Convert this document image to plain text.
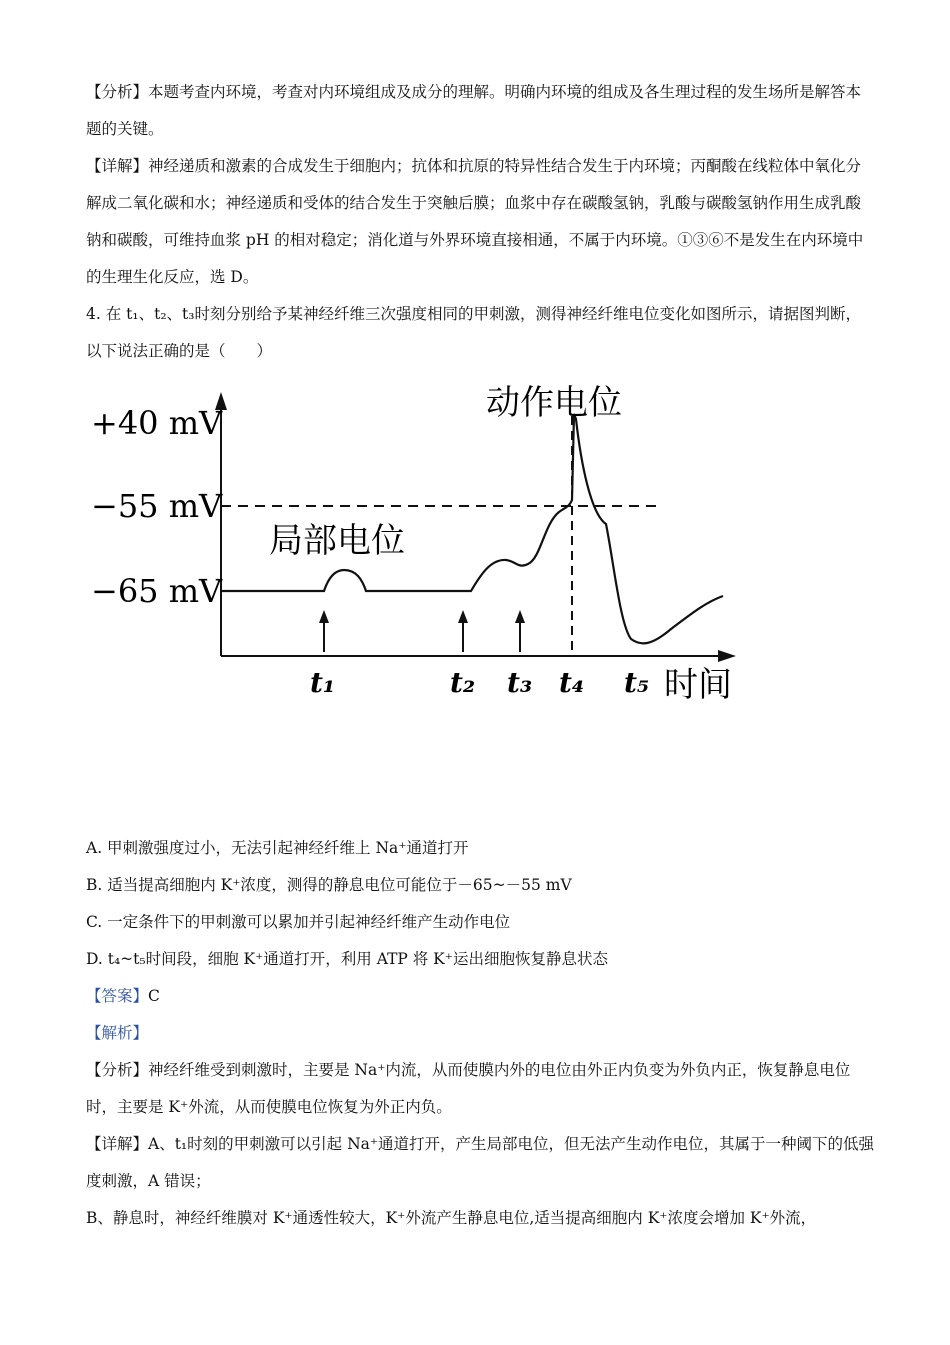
【分析】本题考查内环境，考查对内环境组成及成分的理解。明确内环境的组成及各生理过程的发生场所是解答本题的关键。

【详解】神经递质和激素的合成发生于细胞内；抗体和抗原的特异性结合发生于内环境；丙酮酸在线粒体中氧化分解成二氧化碳和水；神经递质和受体的结合发生于突触后膜；血浆中存在碳酸氢钠，乳酸与碳酸氢钠作用生成乳酸钠和碳酸，可维持血浆 pH 的相对稳定；消化道与外界环境直接相通，不属于内环境。①③⑥不是发生在内环境中的生理生化反应，选 D。

4. 在 t₁、t₂、t₃时刻分别给予某神经纤维三次强度相同的甲刺激，测得神经纤维电位变化如图所示，请据图判断，以下说法正确的是（　　）

+40 mV
−55 mV
−65 mV
动作电位
局部电位
t₁	t₂ t₃ t₄ t₅ 时间

A. 甲刺激强度过小，无法引起神经纤维上 Na⁺通道打开

B. 适当提高细胞内 K⁺浓度，测得的静息电位可能位于－65~－55 mV

C. 一定条件下的甲刺激可以累加并引起神经纤维产生动作电位

D. t₄~t₅时间段，细胞 K⁺通道打开，利用 ATP 将 K⁺运出细胞恢复静息状态

【答案】C

【解析】

【分析】神经纤维受到刺激时，主要是 Na⁺内流，从而使膜内外的电位由外正内负变为外负内正，恢复静息电位时，主要是 K⁺外流，从而使膜电位恢复为外正内负。

【详解】A、t₁时刻的甲刺激可以引起 Na⁺通道打开，产生局部电位，但无法产生动作电位，其属于一种阈下的低强度刺激，A 错误；

B、静息时，神经纤维膜对 K⁺通透性较大，K⁺外流产生静息电位,适当提高细胞内 K⁺浓度会增加 K⁺外流，
